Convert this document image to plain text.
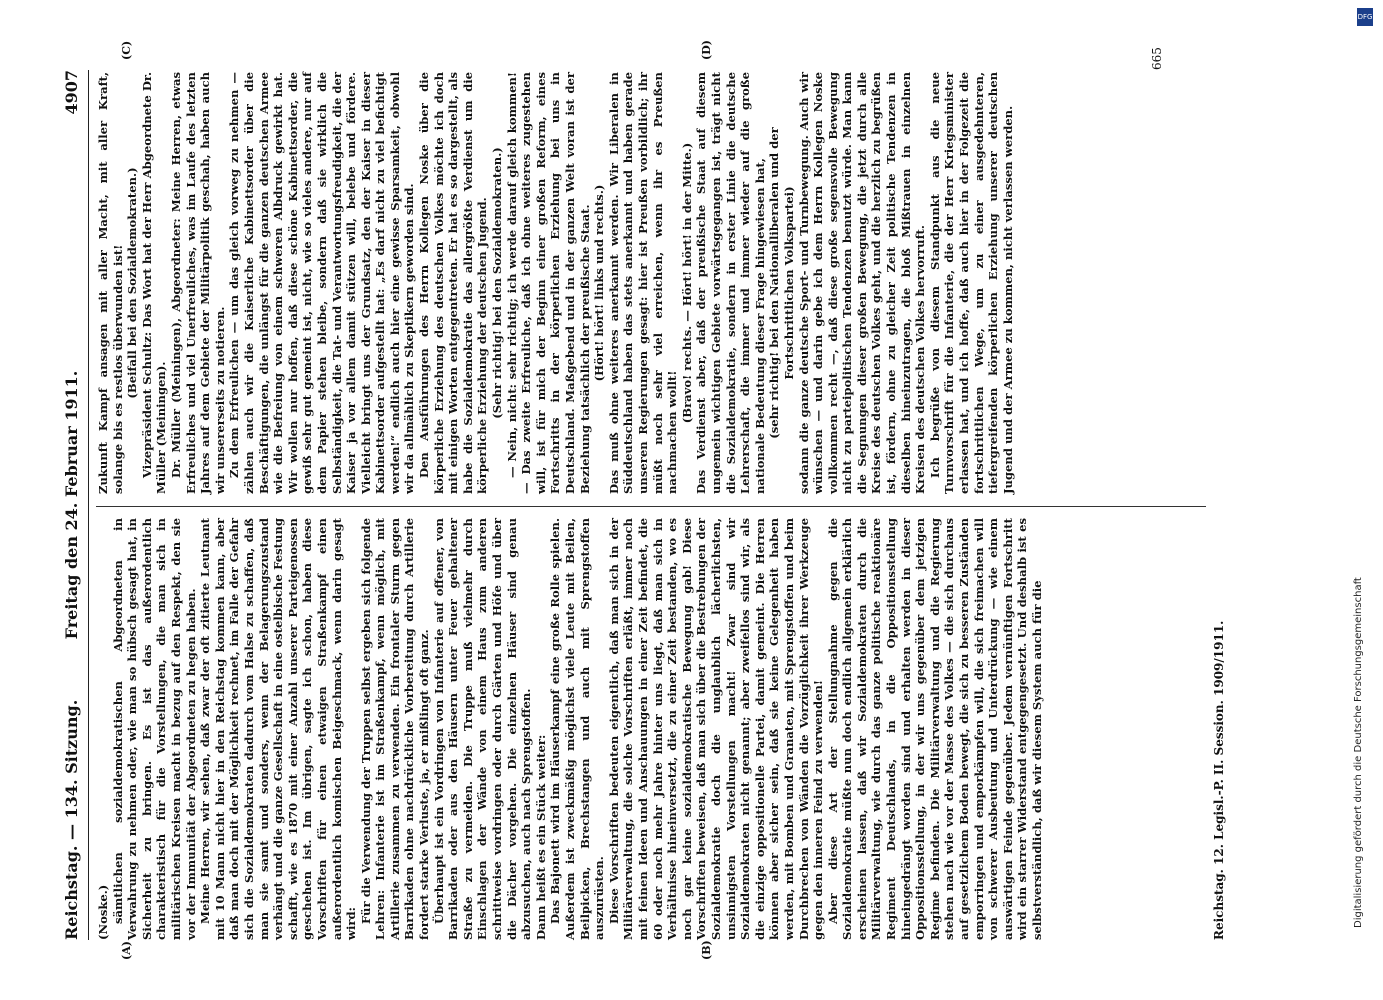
Reichstag. — 134. Sitzung.
Freitag den 24. Februar 1911.
4907
(A)	(B)
(C)	(D)

(Noske.) sämtlichen sozialdemokratischen Abgeordneten in Verwahrung zu nehmen oder, wie man so hübsch gesagt hat, in Sicherheit zu bringen. Es ist das außerordentlich charakteristisch für die Vorstellungen, die man sich in militärischen Kreisen macht in bezug auf den Respekt, den sie vor der Immunität der Abgeordneten zu hegen haben. Meine Herren, wir sehen, daß zwar der oft zitierte Leutnant mit 10 Mann nicht hier in den Reichstag kommen kann, aber daß man doch mit der Möglichkeit rechnet, im Falle der Gefahr sich die Sozialdemokraten dadurch vom Halse zu schaffen, daß man sie samt und sonders, wenn der Belagerungszustand verhängt und die ganze Gesellschaft in eine ostelbische Festung schafft, wie es 1870 mit einer Anzahl unserer Parteigenossen geschehen ist. Im übrigen, sagte ich schon, haben diese Vorschriften für einen etwaigen Straßenkampf einen außerordentlich komischen Beigeschmack, wenn darin gesagt wird: Für die Verwendung der Truppen selbst ergeben sich folgende Lehren: Infanterie ist im Straßenkampf, wenn möglich, mit Artillerie zusammen zu verwenden. Ein frontaler Sturm gegen Barrikaden ohne nachdrückliche Vorbereitung durch Artillerie fordert starke Verluste, ja, er mißlingt oft ganz. Überhaupt ist ein Vordringen von Infanterie auf offener, von Barrikaden oder aus den Häusern unter Feuer gehaltener Straße zu vermeiden. Die Truppe muß vielmehr durch Einschlagen der Wände von einem Haus zum anderen schrittweise vordringen oder durch Gärten und Höfe und über die Dächer vorgehen. Die einzelnen Häuser sind genau abzusuchen, auch nach Sprengstoffen. Dann heißt es ein Stück weiter: Das Bajonett wird im Häuserkampf eine große Rolle spielen. Außerdem ist zweckmäßig möglichst viele Leute mit Beilen, Beilpicken, Brechstangen und auch mit Sprengstoffen auszurüsten. Diese Vorschriften bedeuten eigentlich, daß man sich in der Militärverwaltung, die solche Vorschriften erläßt, immer noch mit feinen Ideen und Anschauungen in einer Zeit befindet, die 60 oder noch mehr Jahre hinter uns liegt, daß man sich in Verhältnisse hineinversetzt, die zu einer Zeit bestanden, wo es noch gar keine sozialdemokratische Bewegung gab! Diese Vorschriften beweisen, daß man sich über die Bestrebungen der Sozialdemokratie doch die unglaublich lächerlichsten, unsinnigsten Vorstellungen macht! Zwar sind wir Sozialdemokraten nicht genannt; aber zweifellos sind wir, als die einzige oppositionelle Partei, damit gemeint. Die Herren können aber sicher sein, daß sie keine Gelegenheit haben werden, mit Bomben und Granaten, mit Sprengstoffen und beim Durchbrechen von Wänden die Vorzüglichkeit ihrer Werkzeuge gegen den inneren Feind zu verwenden! Aber diese Art der Stellungnahme gegen die Sozialdemokratie müßte nun doch endlich allgemein erklärlich erscheinen lassen, daß wir Sozialdemokraten durch die Militärverwaltung, wie durch das ganze politische reaktionäre Regiment Deutschlands, in die Oppositionsstellung hineingedrängt worden sind und erhalten werden in dieser Oppositionsstellung, in der wir uns gegenüber dem jetzigen Regime befinden. Die Militärverwaltung und die Regierung stehen nach wie vor der Masse des Volkes — die sich durchaus auf gesetzlichem Boden bewegt, die sich zu besseren Zuständen emporringen und emporkämpfen will, die sich freimachen will von schwerer Ausbeutung und Unterdrückung — wie einem auswärtigen Feinde gegenüber. Jedem vernünftigen Fortschritt wird ein starrer Widerstand entgegengesetzt. Und deshalb ist es selbstverständlich, daß wir diesem System auch für die

Zukunft Kampf ansagen mit aller Macht, mit aller Kraft, solange bis es restlos überwunden ist! (Beifall bei den Sozialdemokraten.) Vizepräsident Schultz: Das Wort hat der Herr Abgeordnete Dr. Müller (Meiningen). Dr. Müller (Meiningen), Abgeordneter: Meine Herren, etwas Erfreuliches und viel Unerfreuliches, was im Laufe des letzten Jahres auf dem Gebiete der Militärpolitik geschah, haben auch wir unsererseits zu notieren. Zu dem Erfreulichen — um das gleich vorweg zu nehmen — zählen auch wir die Kaiserliche Kabinettsorder über die Beschäftigungen, die unlängst für die ganzen deutschen Armee wie die Befreiung von einem schweren Albdruck gewirkt hat. Wir wollen nur hoffen, daß diese schöne Kabinettsorder, die gewiß sehr gut gemeint ist, nicht, wie so vieles andere, nur auf dem Papier stehen bleibe, sondern daß sie wirklich die Selbständigkeit, die Tat- und Verantwortungsfreudigkeit, die der Kaiser ja vor allem damit stützen will, belebe und fördere. Vielleicht bringt uns der Grundsatz, den der Kaiser in dieser Kabinettsorder aufgestellt hat: „Es darf nicht zu viel befichtigt werden!“ endlich auch hier eine gewisse Sparsamkeit, obwohl wir da allmählich zu Skeptikern geworden sind. Den Ausführungen des Herrn Kollegen Noske über die körperliche Erziehung des deutschen Volkes möchte ich doch mit einigen Worten entgegentreten. Er hat es so dargestellt, als habe die Sozialdemokratie das allergrößte Verdienst um die körperliche Erziehung der deutschen Jugend. (Sehr richtig! bei den Sozialdemokraten.) — Nein, nicht: sehr richtig; ich werde darauf gleich kommen! — Das zweite Erfreuliche, daß ich ohne weiteres zugestehen will, ist für mich der Beginn einer großen Reform, eines Fortschritts in der körperlichen Erziehung bei uns in Deutschland. Maßgebend und in der ganzen Welt voran ist der Beziehung tatsächlich der preußische Staat. (Hört! hört! links und rechts.) Das muß ohne weiteres anerkannt werden. Wir Liberalen in Süddeutschland haben das stets anerkannt und haben gerade unseren Regierungen gesagt: hier ist Preußen vorbildlich; ihr müßt noch sehr viel erreichen, wenn ihr es Preußen nachmachen wollt!

(Bravo! rechts. — Hört! hört! in der Mitte.) Das Verdienst aber, daß der preußische Staat auf diesem ungemein wichtigen Gebiete vorwärtsgegangen ist, trägt nicht die Sozialdemokratie, sondern in erster Linie die deutsche Lehrerschaft, die immer und immer wieder auf die große nationale Bedeutung dieser Frage hingewiesen hat, (sehr richtig! bei den Nationalliberalen und der Fortschrittlichen Volkspartei) sodann die ganze deutsche Sport- und Turnbewegung. Auch wir wünschen — und darin gebe ich dem Herrn Kollegen Noske vollkommen recht —, daß diese große segensvolle Bewegung nicht zu parteipolitischen Tendenzen benutzt würde. Man kann die Segnungen dieser großen Bewegung, die jetzt durch alle Kreise des deutschen Volkes geht, und die herzlich zu begrüßen ist, fördern, ohne zu gleicher Zeit politische Tendenzen in dieselben hineinzutragen, die bloß Mißtrauen in einzelnen Kreisen des deutschen Volkes hervorruft. Ich begrüße von diesem Standpunkt aus die neue Turnvorschrift für die Infanterie, die der Herr Kriegsminister erlassen hat, und ich hoffe, daß auch hier in der Folgezeit die fortschrittlichen Wege, um zu einer ausgedehnteren, tiefergreifenden körperlichen Erziehung unserer deutschen Jugend und der Armee zu kommen, nicht verlassen werden.

Reichstag. 12. Legisl.-P. II. Session. 1909/1911.
665
DFG
Digitalisierung gefördert durch die Deutsche Forschungsgemeinschaft
